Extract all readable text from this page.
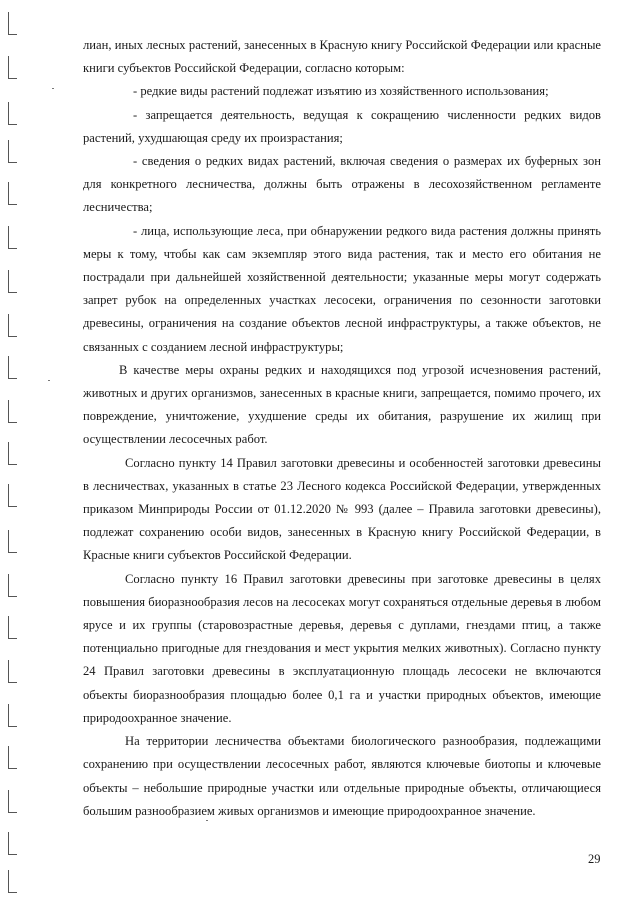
лиан, иных лесных растений, занесенных в Красную книгу Российской Федерации или красные книги субъектов Российской Федерации, согласно которым:

- редкие виды растений подлежат изъятию из хозяйственного использования;

- запрещается деятельность, ведущая к сокращению численности редких видов растений, ухудшающая среду их произрастания;

- сведения о редких видах растений, включая сведения о размерах их буферных зон для конкретного лесничества, должны быть отражены в лесохозяйственном регламенте лесничества;

- лица, использующие леса, при обнаружении редкого вида растения должны принять меры к тому, чтобы как сам экземпляр этого вида растения, так и место его обитания не пострадали при дальнейшей хозяйственной деятельности; указанные меры могут содержать запрет рубок на определенных участках лесосеки, ограничения по сезонности заготовки древесины, ограничения на создание объектов лесной инфраструктуры, а также объектов, не связанных с созданием лесной инфраструктуры;

В качестве меры охраны редких и находящихся под угрозой исчезновения растений, животных и других организмов, занесенных в красные книги, запрещается, помимо прочего, их повреждение, уничтожение, ухудшение среды их обитания, разрушение их жилищ при осуществлении лесосечных работ.

Согласно пункту 14 Правил заготовки древесины и особенностей заготовки древесины в лесничествах, указанных в статье 23 Лесного кодекса Российской Федерации, утвержденных приказом Минприроды России от 01.12.2020 № 993 (далее – Правила заготовки древесины), подлежат сохранению особи видов, занесенных в Красную книгу Российской Федерации, в Красные книги субъектов Российской Федерации.

Согласно пункту 16 Правил заготовки древесины при заготовке древесины в целях повышения биоразнообразия лесов на лесосеках могут сохраняться отдельные деревья в любом ярусе и их группы (старовозрастные деревья, деревья с дуплами, гнездами птиц, а также потенциально пригодные для гнездования и мест укрытия мелких животных). Согласно пункту 24 Правил заготовки древесины в эксплуатационную площадь лесосеки не включаются объекты биоразнообразия площадью более 0,1 га и участки природных объектов, имеющие природоохранное значение.

На территории лесничества объектами биологического разнообразия, подлежащими сохранению при осуществлении лесосечных работ, являются ключевые биотопы и ключевые объекты – небольшие природные участки или отдельные природные объекты, отличающиеся большим разнообразием живых организмов и имеющие природоохранное значение.

29
